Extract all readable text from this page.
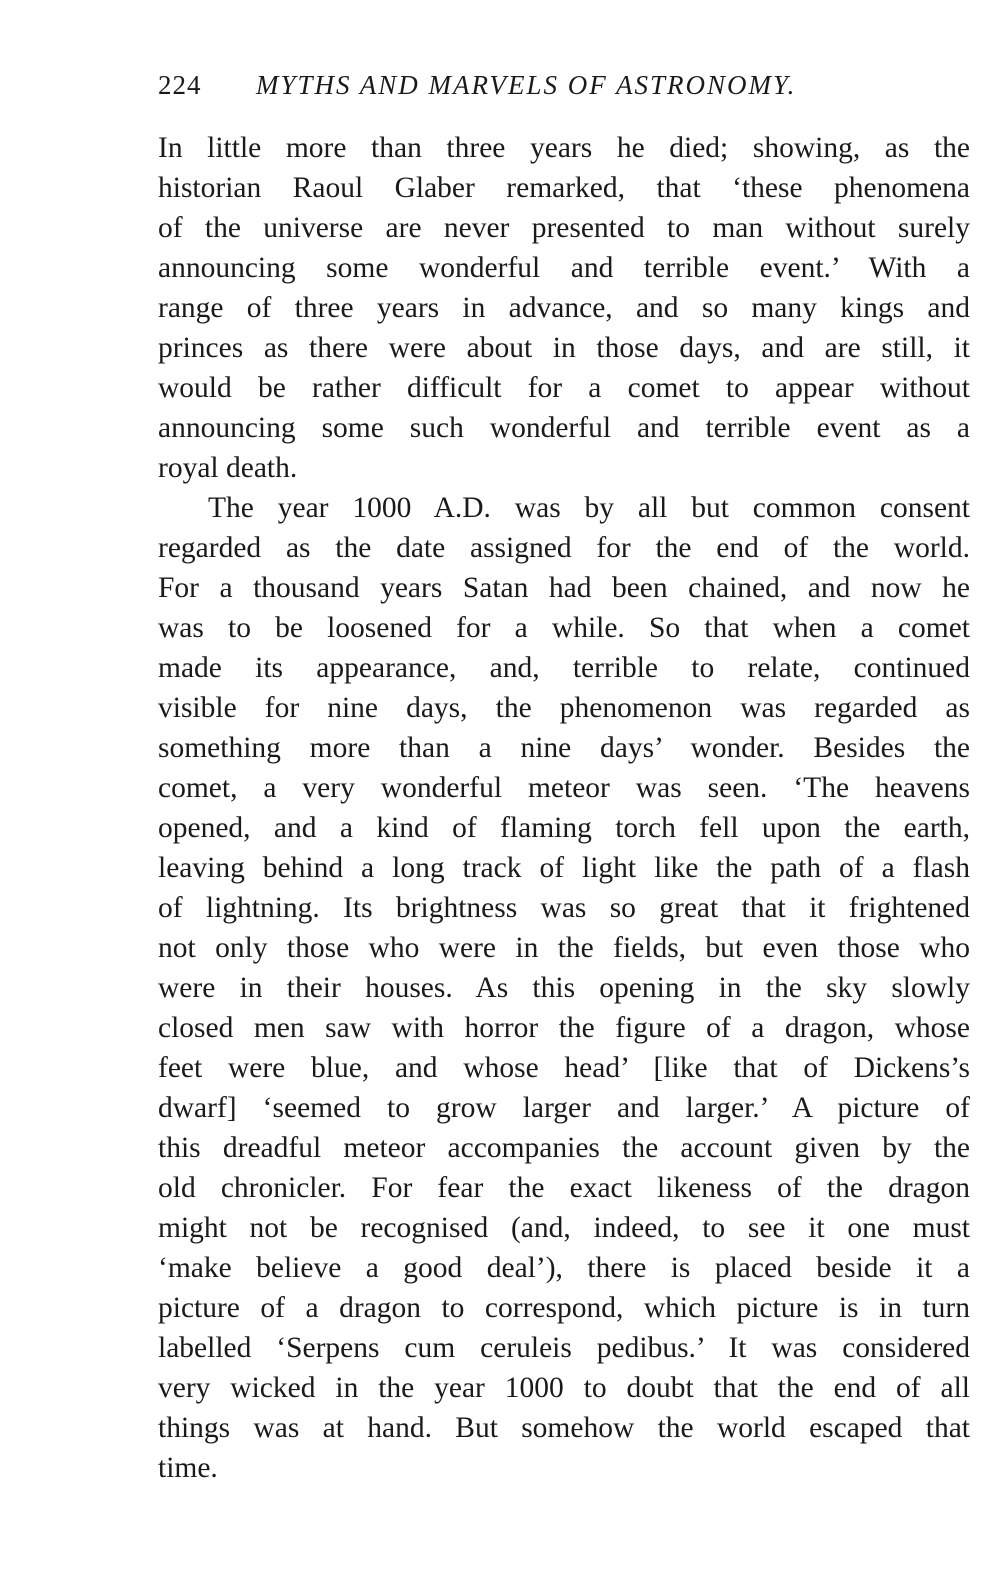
224 MYTHS AND MARVELS OF ASTRONOMY.
In little more than three years he died; showing, as the
historian Raoul Glaber remarked, that ‘these phenomena
of the universe are never presented to man without surely
announcing some wonderful and terrible event.’ With a
range of three years in advance, and so many kings and
princes as there were about in those days, and are still, it
would be rather difficult for a comet to appear without
announcing some such wonderful and terrible event as a
royal death.
The year 1000 A.D. was by all but common consent
regarded as the date assigned for the end of the world.
For a thousand years Satan had been chained, and now he
was to be loosened for a while. So that when a comet
made its appearance, and, terrible to relate, continued
visible for nine days, the phenomenon was regarded as
something more than a nine days’ wonder. Besides the
comet, a very wonderful meteor was seen. ‘The heavens
opened, and a kind of flaming torch fell upon the earth,
leaving behind a long track of light like the path of a flash
of lightning. Its brightness was so great that it frightened
not only those who were in the fields, but even those who
were in their houses. As this opening in the sky slowly
closed men saw with horror the figure of a dragon, whose
feet were blue, and whose head’ [like that of Dickens’s
dwarf] ‘seemed to grow larger and larger.’ A picture of
this dreadful meteor accompanies the account given by the
old chronicler. For fear the exact likeness of the dragon
might not be recognised (and, indeed, to see it one must
‘make believe a good deal’), there is placed beside it a
picture of a dragon to correspond, which picture is in turn
labelled ‘Serpens cum ceruleis pedibus.’ It was considered
very wicked in the year 1000 to doubt that the end of all
things was at hand. But somehow the world escaped that
time.
